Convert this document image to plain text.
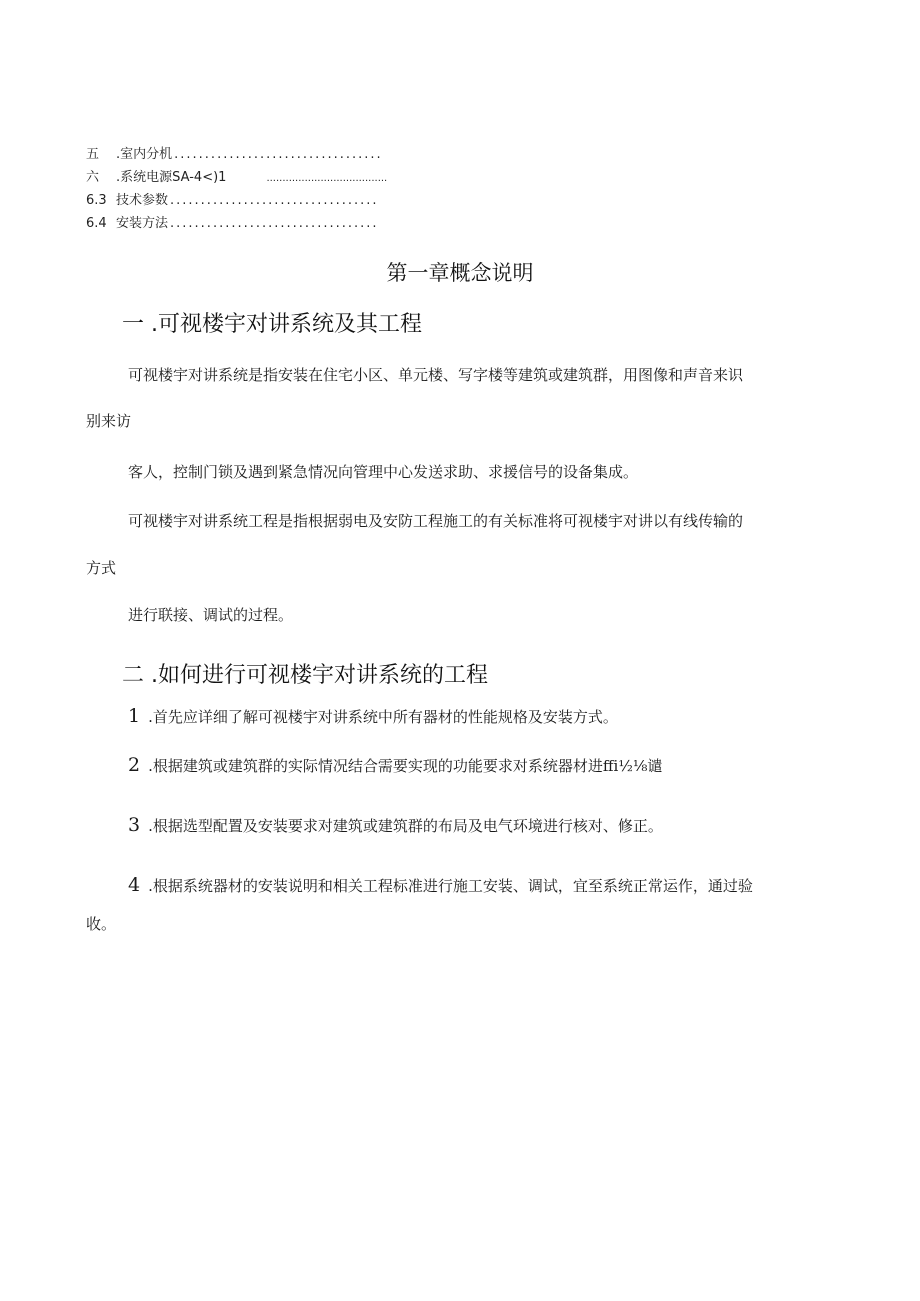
五	.室内分机 ..................................
六	.系统电源SA-4<)1	......................................
6.3 技术参数 ..................................
6.4 安装方法 ..................................
第一章概念说明
一 .可视楼宇对讲系统及其工程
可视楼宇对讲系统是指安装在住宅小区、单元楼、写字楼等建筑或建筑群，用图像和声音来识
别来访
客人，控制门锁及遇到紧急情况向管理中心发送求助、求援信号的设备集成。
可视楼宇对讲系统工程是指根据弱电及安防工程施工的有关标准将可视楼宇对讲以有线传输的
方式
进行联接、调试的过程。
二 .如何进行可视楼宇对讲系统的工程
1 .首先应详细了解可视楼宇对讲系统中所有器材的性能规格及安装方式。
2 .根据建筑或建筑群的实际情况结合需要实现的功能要求对系统器材进ffi½⅛谴
3 .根据选型配置及安装要求对建筑或建筑群的布局及电气环境进行核对、修正。
4 .根据系统器材的安装说明和相关工程标准进行施工安装、调试，宜至系统正常运作，通过验
收。
